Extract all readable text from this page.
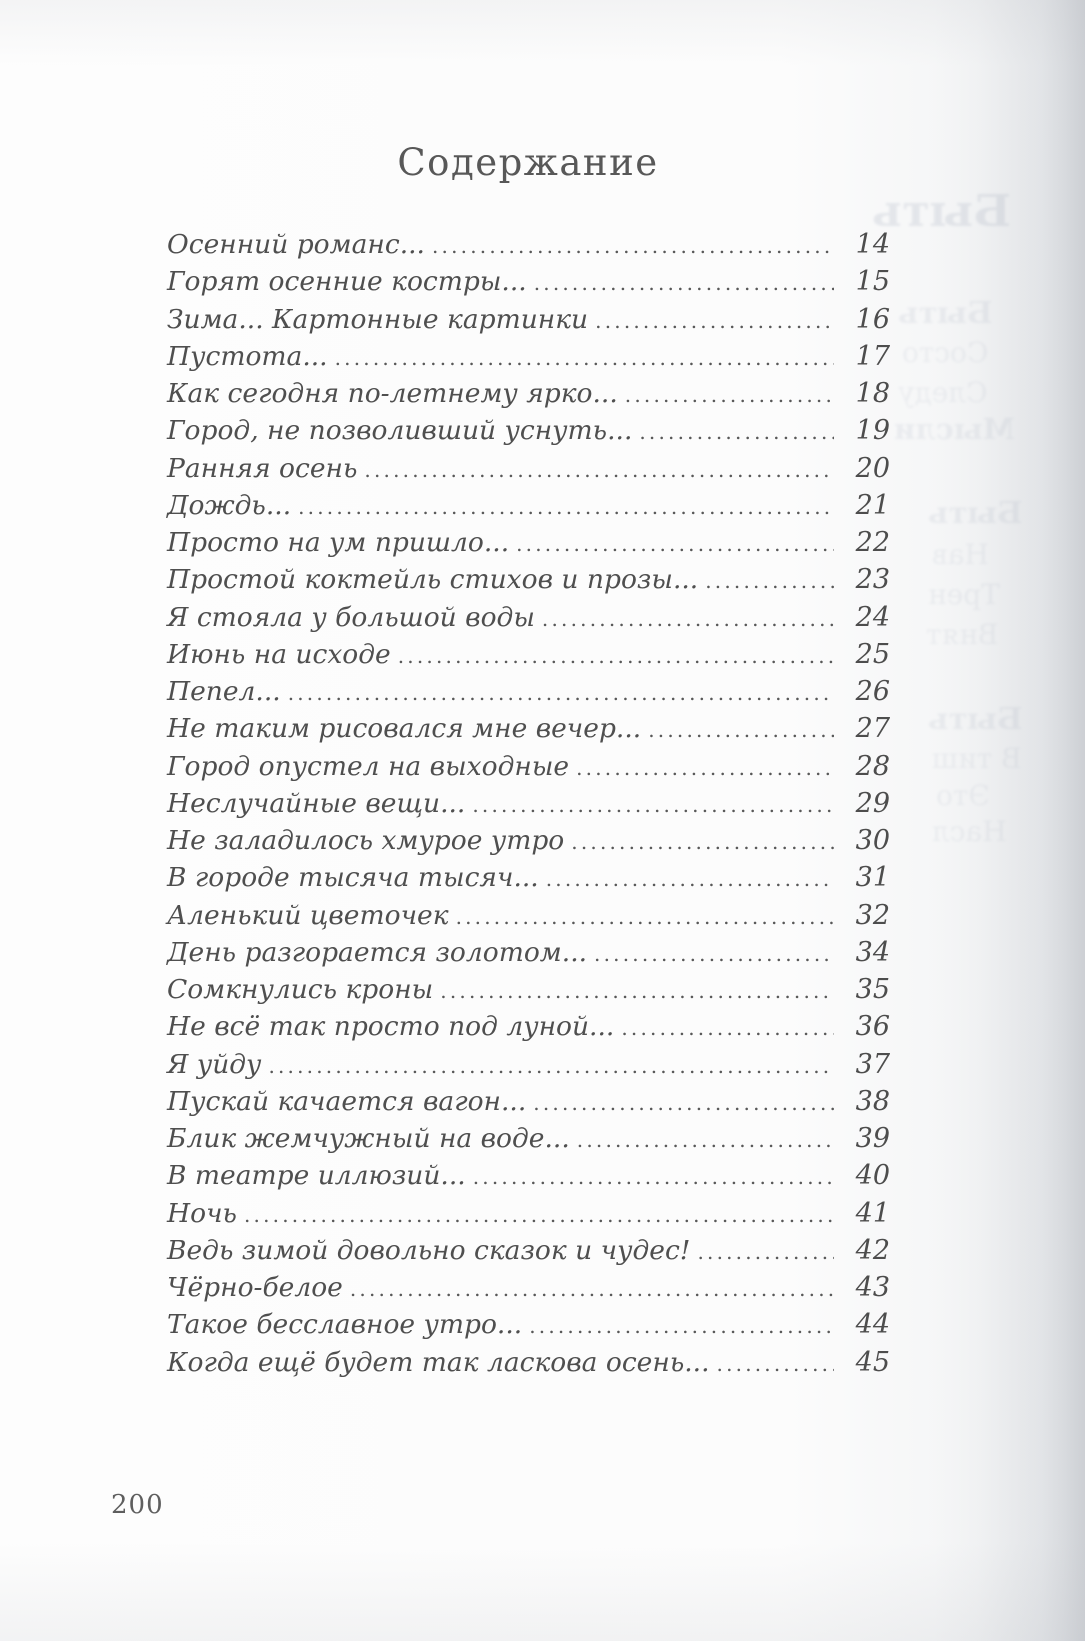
Содержание
Осенний романс... .....	14
Горят осенние костры... .....	15
Зима... Картонные картинки .....	16
Пустота... .....	17
Как сегодня по-летнему ярко... .....	18
Город, не позволивший уснуть... .....	19
Ранняя осень .....	20
Дождь... .....	21
Просто на ум пришло... .....	22
Простой коктейль стихов и прозы... .....	23
Я стояла у большой воды .....	24
Июнь на исходе .....	25
Пепел... .....	26
Не таким рисовался мне вечер... .....	27
Город опустел на выходные .....	28
Неслучайные вещи... .....	29
Не заладилось хмурое утро .....	30
В городе тысяча тысяч... .....	31
Аленький цветочек .....	32
День разгорается золотом... .....	34
Сомкнулись кроны .....	35
Не всё так просто под луной... .....	36
Я уйду .....	37
Пускай качается вагон... .....	38
Блик жемчужный на воде... .....	39
В театре иллюзий... .....	40
Ночь .....	41
Ведь зимой довольно сказок и чудес! .....	42
Чёрно-белое .....	43
Такое бесславное утро... .....	44
Когда ещё будет так ласкова осень... .....	45
200
Быть
Быть
Состо
Следу
Мысли
Быть
Нав
Трен
Внят
Быть
В тиш
Это
Насл
